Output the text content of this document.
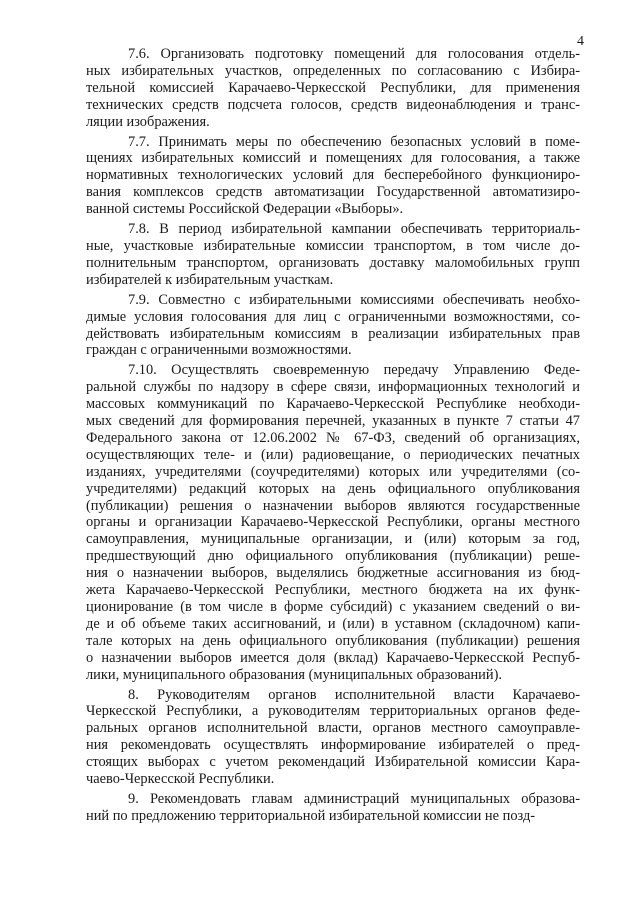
4

7.6. Организовать подготовку помещений для голосования отдель-
ных избирательных участков, определенных по согласованию с Избира-
тельной комиссией Карачаево-Черкесской Республики, для применения
технических средств подсчета голосов, средств видеонаблюдения и транс-
ляции изображения.

7.7. Принимать меры по обеспечению безопасных условий в поме-
щениях избирательных комиссий и помещениях для голосования, а также
нормативных технологических условий для бесперебойного функциониро-
вания комплексов средств автоматизации Государственной автоматизиро-
ванной системы Российской Федерации «Выборы».

7.8. В период избирательной кампании обеспечивать территориаль-
ные, участковые избирательные комиссии транспортом, в том числе до-
полнительным транспортом, организовать доставку маломобильных групп
избирателей к избирательным участкам.

7.9. Совместно с избирательными комиссиями обеспечивать необхо-
димые условия голосования для лиц с ограниченными возможностями, со-
действовать избирательным комиссиям в реализации избирательных прав
граждан с ограниченными возможностями.

7.10. Осуществлять своевременную передачу Управлению Феде-
ральной службы по надзору в сфере связи, информационных технологий и
массовых коммуникаций по Карачаево-Черкесской Республике необходи-
мых сведений для формирования перечней, указанных в пункте 7 статьи 47
Федерального закона от 12.06.2002 № 67-ФЗ, сведений об организациях,
осуществляющих теле- и (или) радиовещание, о периодических печатных
изданиях, учредителями (соучредителями) которых или учредителями (со-
учредителями) редакций которых на день официального опубликования
(публикации) решения о назначении выборов являются государственные
органы и организации Карачаево-Черкесской Республики, органы местного
самоуправления, муниципальные организации, и (или) которым за год,
предшествующий дню официального опубликования (публикации) реше-
ния о назначении выборов, выделялись бюджетные ассигнования из бюд-
жета Карачаево-Черкесской Республики, местного бюджета на их функ-
ционирование (в том числе в форме субсидий) с указанием сведений о ви-
де и об объеме таких ассигнований, и (или) в уставном (складочном) капи-
тале которых на день официального опубликования (публикации) решения
о назначении выборов имеется доля (вклад) Карачаево-Черкесской Респуб-
лики, муниципального образования (муниципальных образований).

8. Руководителям органов исполнительной власти Карачаево-
Черкесской Республики, а руководителям территориальных органов феде-
ральных органов исполнительной власти, органов местного самоуправле-
ния рекомендовать осуществлять информирование избирателей о пред-
стоящих выборах с учетом рекомендаций Избирательной комиссии Кара-
чаево-Черкесской Республики.

9. Рекомендовать главам администраций муниципальных образова-
ний по предложению территориальной избирательной комиссии не позд-
